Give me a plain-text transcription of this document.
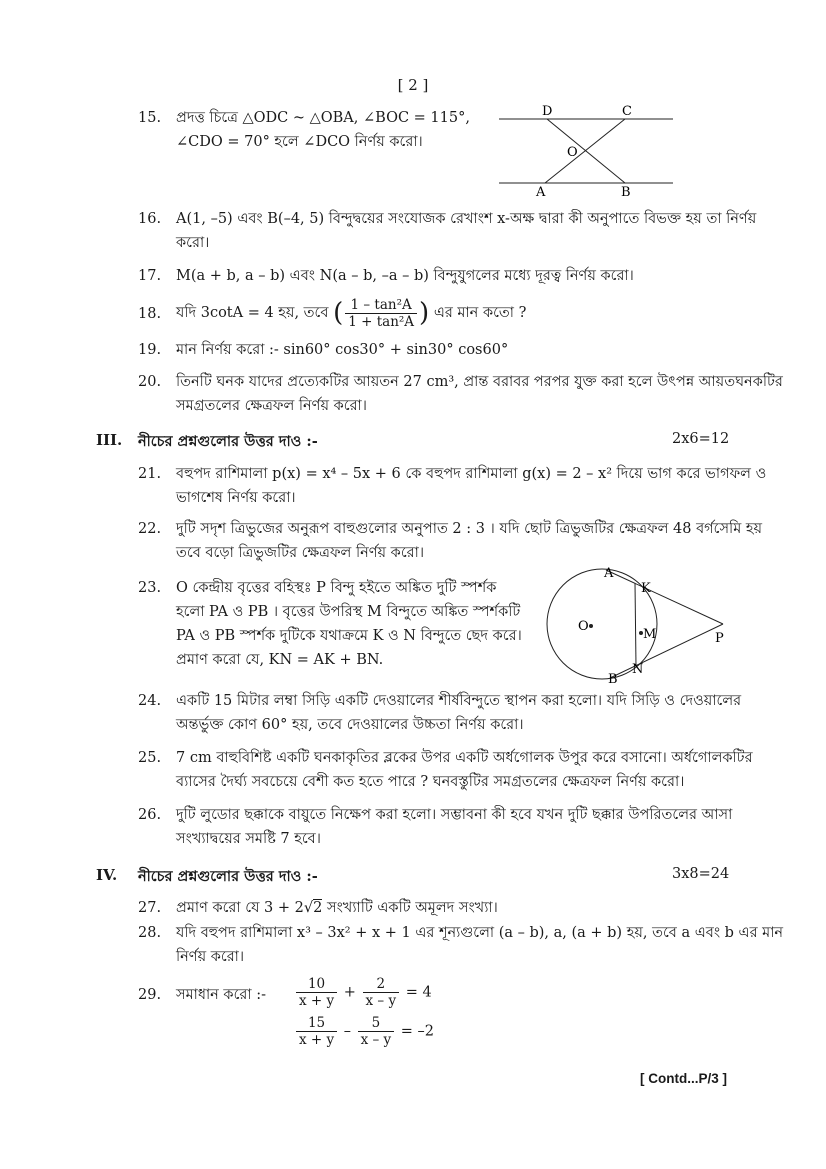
[ 2 ]
15. প্রদত্ত চিত্রে △ODC ~ △OBA, ∠BOC = 115°,
∠CDO = 70° হলে ∠DCO নির্ণয় করো।
D	C
O
A	B
16. A(1, –5) এবং B(–4, 5) বিন্দুদ্বয়ের সংযোজক রেখাংশ x-অক্ষ দ্বারা কী অনুপাতে বিভক্ত হয় তা নির্ণয়
করো।
17. M(a + b, a – b) এবং N(a – b, –a – b) বিন্দুযুগলের মধ্যে দূরত্ব নির্ণয় করো।
18. যদি 3cotA = 4 হয়, তবে ( $\frac{\text{1 – tan²A}}{\text{1 + tan²A}}$ ) এর মান কতো ?
19. মান নির্ণয় করো :- sin60° cos30° + sin30° cos60°
20. তিনটি ঘনক যাদের প্রত্যেকটির আয়তন 27 cm³, প্রান্ত বরাবর পরপর যুক্ত করা হলে উৎপন্ন আয়তঘনকটির
সমগ্রতলের ক্ষেত্রফল নির্ণয় করো।
III. নীচের প্রশ্নগুলোর উত্তর দাও :-	2x6=12
21. বহুপদ রাশিমালা p(x) = x⁴ – 5x + 6 কে বহুপদ রাশিমালা g(x) = 2 – x² দিয়ে ভাগ করে ভাগফল ও
ভাগশেষ নির্ণয় করো।
22. দুটি সদৃশ ত্রিভুজের অনুরূপ বাহুগুলোর অনুপাত 2 : 3 । যদি ছোট ত্রিভুজটির ক্ষেত্রফল 48 বর্গসেমি হয়
তবে বড়ো ত্রিভুজটির ক্ষেত্রফল নির্ণয় করো।
23. O কেন্দ্রীয় বৃত্তের বহিস্থঃ P বিন্দু হইতে অঙ্কিত দুটি স্পর্শক
হলো PA ও PB । বৃত্তের উপরিস্থ M বিন্দুতে অঙ্কিত স্পর্শকটি
PA ও PB স্পর্শক দুটিকে যথাক্রমে K ও N বিন্দুতে ছেদ করে।
প্রমাণ করো যে, KN = AK + BN.
A
K
O
M	P
N
B
24. একটি 15 মিটার লম্বা সিড়ি একটি দেওয়ালের শীর্ষবিন্দুতে স্থাপন করা হলো। যদি সিড়ি ও দেওয়ালের
অন্তর্ভুক্ত কোণ 60° হয়, তবে দেওয়ালের উচ্চতা নির্ণয় করো।
25. 7 cm বাহুবিশিষ্ট একটি ঘনকাকৃতির ব্লকের উপর একটি অর্ধগোলক উপুর করে বসানো। অর্ধগোলকটির
ব্যাসের দৈর্ঘ্য সবচেয়ে বেশী কত হতে পারে ? ঘনবস্তুটির সমগ্রতলের ক্ষেত্রফল নির্ণয় করো।
26. দুটি লুডোর ছক্কাকে বায়ুতে নিক্ষেপ করা হলো। সম্ভাবনা কী হবে যখন দুটি ছক্কার উপরিতলের আসা
সংখ্যাদ্বয়ের সমষ্টি 7 হবে।
IV. নীচের প্রশ্নগুলোর উত্তর দাও :-	3x8=24
27. প্রমাণ করো যে 3 + 2√2 সংখ্যাটি একটি অমূলদ সংখ্যা।
28. যদি বহুপদ রাশিমালা x³ – 3x² + x + 1 এর শূন্যগুলো (a – b), a, (a + b) হয়, তবে a এবং b এর মান
নির্ণয় করো।
29. সমাধান করো :- $\frac{10}{x + y} + \frac{2}{x - y} = 4$
$\frac{15}{x + y} - \frac{5}{x - y} = -2$
[ Contd...P/3 ]
